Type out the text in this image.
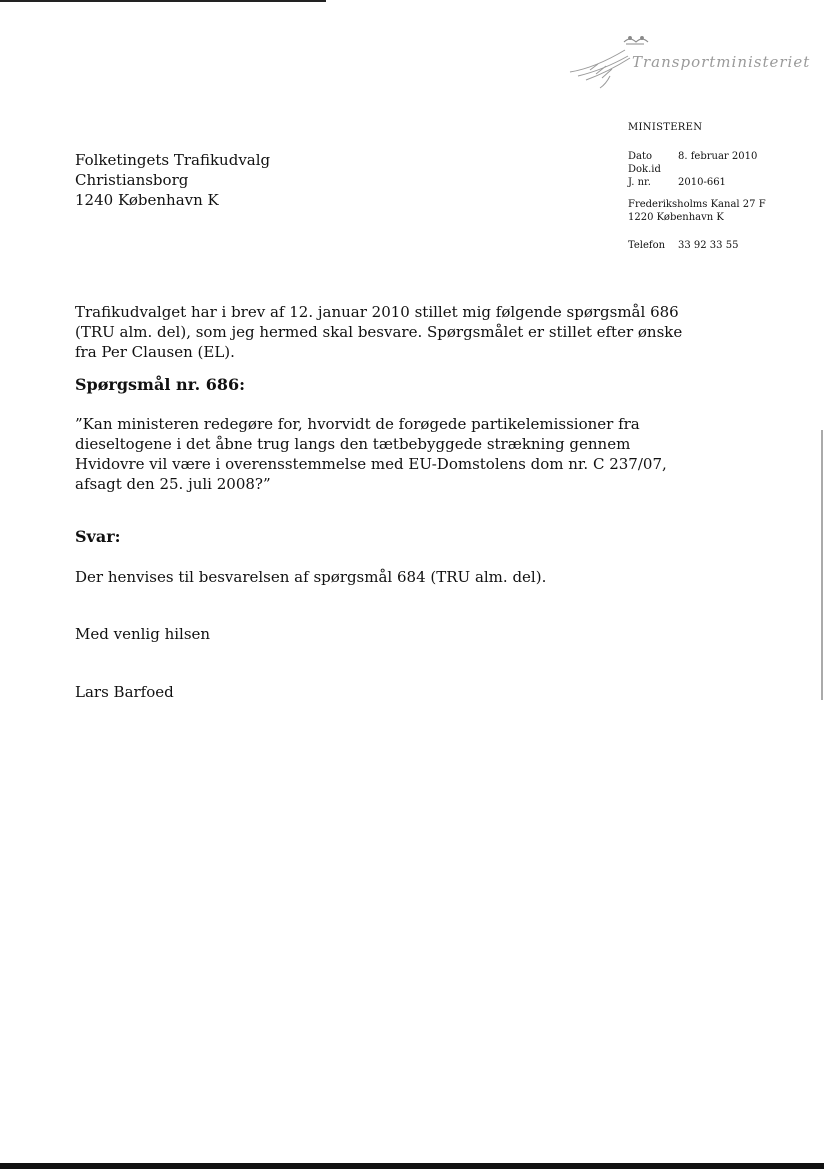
Transportministeriet
MINISTEREN
Dato	8. februar 2010
Dok.id
J. nr.	2010-661
Frederiksholms Kanal 27 F
1220 København K
Telefon 33 92 33 55
Folketingets Trafikudvalg
Christiansborg
1240 København K
Trafikudvalget har i brev af 12. januar 2010 stillet mig følgende spørgsmål 686
(TRU alm. del), som jeg hermed skal besvare. Spørgsmålet er stillet efter ønske
fra Per Clausen (EL).
Spørgsmål nr. 686:
”Kan ministeren redegøre for, hvorvidt de forøgede partikelemissioner fra
dieseltogene i det åbne trug langs den tætbebyggede strækning gennem
Hvidovre vil være i overensstemmelse med EU-Domstolens dom nr. C 237/07,
afsagt den 25. juli 2008?”
Svar:
Der henvises til besvarelsen af spørgsmål 684 (TRU alm. del).
Med venlig hilsen
Lars Barfoed
